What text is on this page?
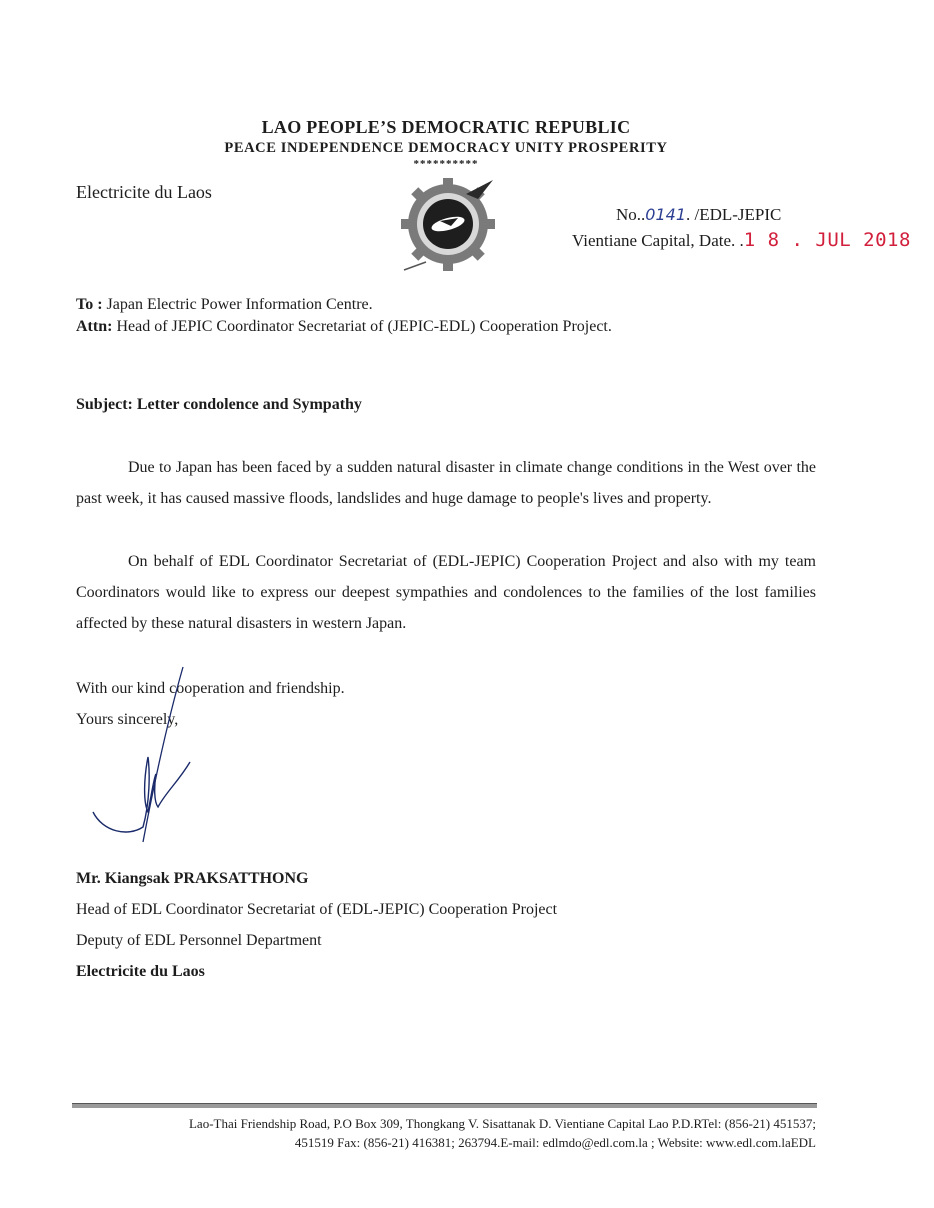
LAO PEOPLE’S DEMOCRATIC REPUBLIC
PEACE INDEPENDENCE DEMOCRACY UNITY PROSPERITY
**********
Electricite du Laos
No..0141. /EDL-JEPIC
Vientiane Capital, Date. .1 8 . JUL 2018
To : Japan Electric Power Information Centre.
Attn: Head of JEPIC Coordinator Secretariat of (JEPIC-EDL) Cooperation Project.
Subject: Letter condolence and Sympathy
Due to Japan has been faced by a sudden natural disaster in climate change conditions in the West over the past week, it has caused massive floods, landslides and huge damage to people's lives and property.
On behalf of EDL Coordinator Secretariat of (EDL-JEPIC) Cooperation Project and also with my team Coordinators would like to express our deepest sympathies and condolences to the families of the lost families affected by these natural disasters in western Japan.
With our kind cooperation and friendship.
Yours sincerely,
Mr. Kiangsak PRAKSATTHONG
Head of EDL Coordinator Secretariat of (EDL-JEPIC) Cooperation Project
Deputy of EDL Personnel Department
Electricite du Laos
Lao-Thai Friendship Road, P.O Box 309, Thongkang V. Sisattanak D. Vientiane Capital Lao P.D.RTel: (856-21) 451537;
451519 Fax: (856-21) 416381; 263794.E-mail: edlmdo@edl.com.la ; Website: www.edl.com.laEDL
